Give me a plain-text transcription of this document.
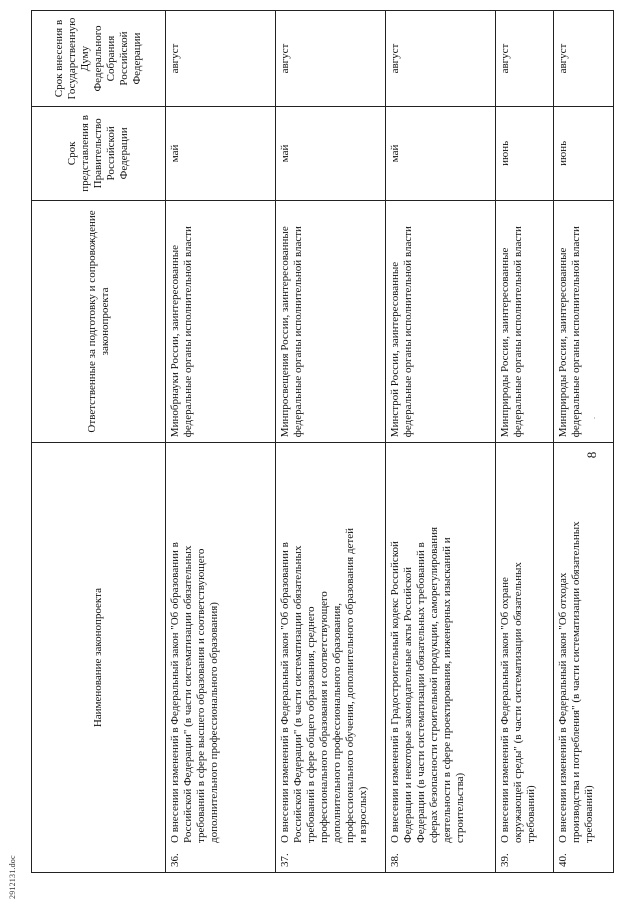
8
.
Наименование законопроекта	Ответственные за подготовку и сопровождение законопроекта	Срок представления в Правительство Российской Федерации	Срок внесения в Государственную Думу Федерального Собрания Российской Федерации
36.О внесении изменений в Федеральный закон "Об образовании в Российской Федерации" (в части систематизации обязательных требований в сфере высшего образования и соответствующего дополнительного профессионального образования)	Минобрнауки России, заинтересованные федеральные органы исполнительной власти	май	август
37.О внесении изменений в Федеральный закон "Об образовании в Российской Федерации" (в части систематизации обязательных требований в сфере общего образования, среднего профессионального образования и соответствующего дополнительного профессионального образования, профессионального обучения, дополнительного образования детей и взрослых)	Минпросвещения России, заинтересованные федеральные органы исполнительной власти	май	август
38.О внесении изменений в Градостроительный кодекс Российской Федерации и некоторые законодательные акты Российской Федерации (в части систематизации обязательных требований в сферах безопасности строительной продукции, саморегулирования деятельности в сфере проектирования, инженерных изысканий и строительства)	Минстрой России, заинтересованные федеральные органы исполнительной власти	май	август
39.О внесении изменений в Федеральный закон "Об охране окружающей среды" (в части систематизации обязательных требований)	Минприроды России, заинтересованные федеральные органы исполнительной власти	июнь	август
40.О внесении изменений в Федеральный закон "Об отходах производства и потребления" (в части систематизации обязательных требований)	Минприроды России, заинтересованные федеральные органы исполнительной власти	июнь	август
2912131.doc
